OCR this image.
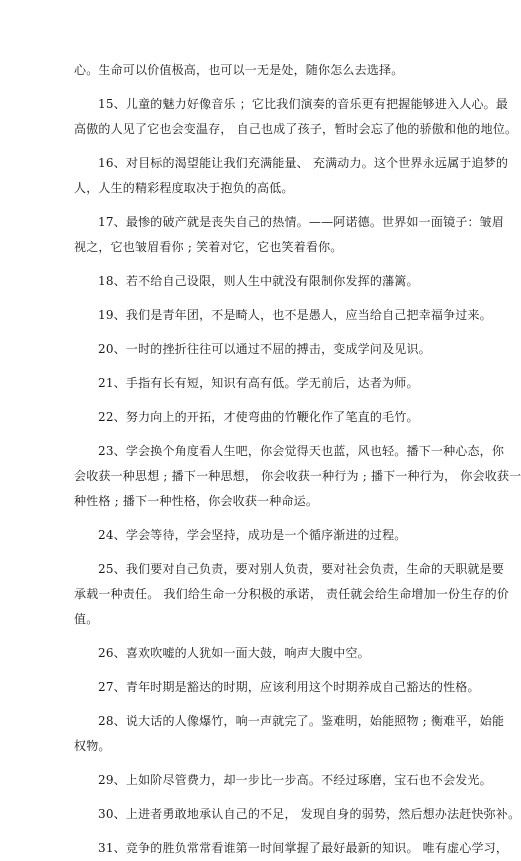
心。生命可以价值极高，也可以一无是处，随你怎么去选择。
15、儿童的魅力好像音乐 ；它比我们演奏的音乐更有把握能够进入人心。最
高傲的人见了它也会变温存， 自己也成了孩子，暂时会忘了他的骄傲和他的地位。
16、对目标的渴望能让我们充满能量、 充满动力。这个世界永远属于追梦的
人，人生的精彩程度取决于抱负的高低。
17、最惨的破产就是丧失自己的热情。——阿诺德。世界如一面镜子：皱眉
视之，它也皱眉看你 ; 笑着对它，它也笑着看你。
18、若不给自己设限，则人生中就没有限制你发挥的藩篱。
19、我们是青年团，不是畸人，也不是愚人，应当给自己把幸福争过来。
20、一时的挫折往往可以通过不屈的搏击，变成学问及见识。
21、手指有长有短，知识有高有低。学无前后，达者为师。
22、努力向上的开拓，才使弯曲的竹鞭化作了笔直的毛竹。
23、学会换个角度看人生吧，你会觉得天也蓝，风也轻。播下一种心态，你
会收获一种思想 ; 播下一种思想， 你会收获一种行为 ; 播下一种行为， 你会收获一
种性格 ; 播下一种性格，你会收获一种命运。
24、学会等待，学会坚持，成功是一个循序渐进的过程。
25、我们要对自己负责，要对别人负责，要对社会负责，生命的天职就是要
承载一种责任。 我们给生命一分积极的承诺， 责任就会给生命增加一份生存的价
值。
26、喜欢吹嘘的人犹如一面大鼓，响声大腹中空。
27、青年时期是豁达的时期，应该利用这个时期养成自己豁达的性格。
28、说大话的人像爆竹，响一声就完了。鉴难明，始能照物 ; 衡难平，始能
权物。
29、上如阶尽管费力，却一步比一步高。不经过琢磨，宝石也不会发光。
30、上进者勇敢地承认自己的不足， 发现自身的弱势，然后想办法赶快弥补。
31、竞争的胜负常常看谁第一时间掌握了最好最新的知识。 唯有虚心学习，
